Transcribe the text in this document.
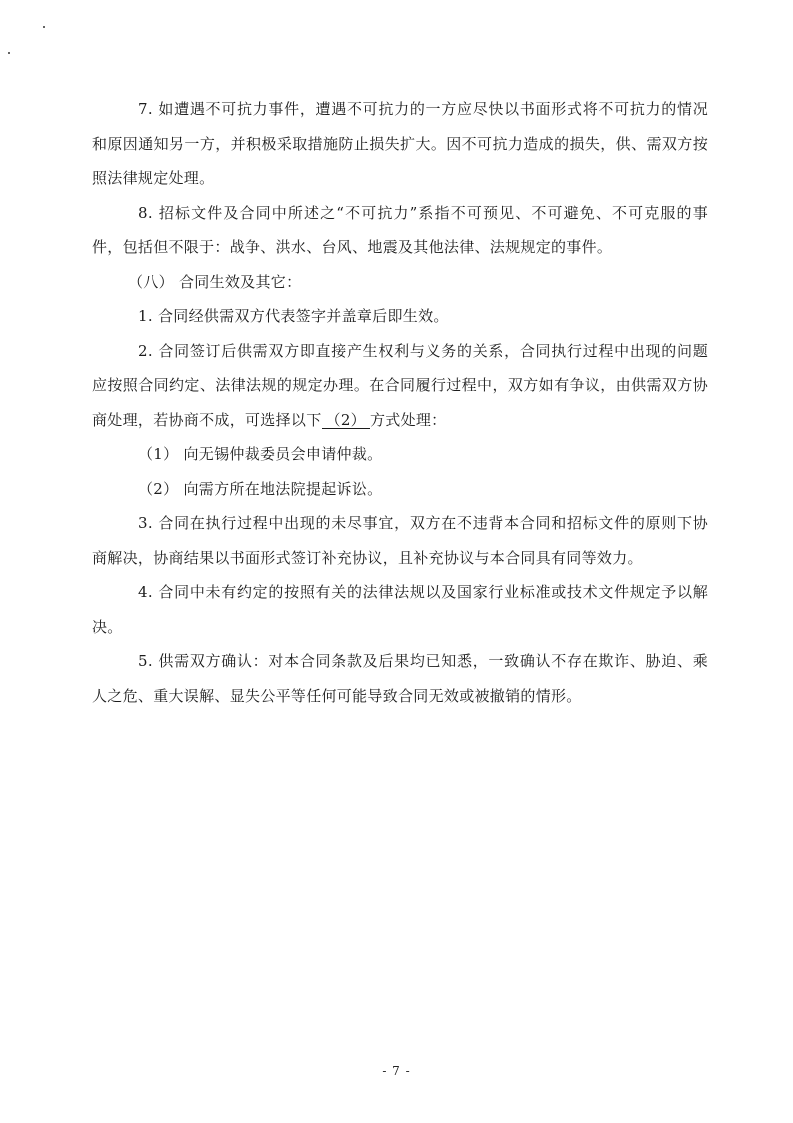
7. 如遭遇不可抗力事件，遭遇不可抗力的一方应尽快以书面形式将不可抗力的情况和原因通知另一方，并积极采取措施防止损失扩大。因不可抗力造成的损失，供、需双方按照法律规定处理。

8. 招标文件及合同中所述之“不可抗力”系指不可预见、不可避免、不可克服的事件，包括但不限于：战争、洪水、台风、地震及其他法律、法规规定的事件。

（八） 合同生效及其它：

1. 合同经供需双方代表签字并盖章后即生效。

2. 合同签订后供需双方即直接产生权利与义务的关系，合同执行过程中出现的问题应按照合同约定、法律法规的规定办理。在合同履行过程中，双方如有争议，由供需双方协商处理，若协商不成，可选择以下 （2） 方式处理：

（1） 向无锡仲裁委员会申请仲裁。

（2） 向需方所在地法院提起诉讼。

3. 合同在执行过程中出现的未尽事宜，双方在不违背本合同和招标文件的原则下协商解决，协商结果以书面形式签订补充协议，且补充协议与本合同具有同等效力。

4. 合同中未有约定的按照有关的法律法规以及国家行业标准或技术文件规定予以解决。

5. 供需双方确认：对本合同条款及后果均已知悉，一致确认不存在欺诈、胁迫、乘人之危、重大误解、显失公平等任何可能导致合同无效或被撤销的情形。

- 7 -
